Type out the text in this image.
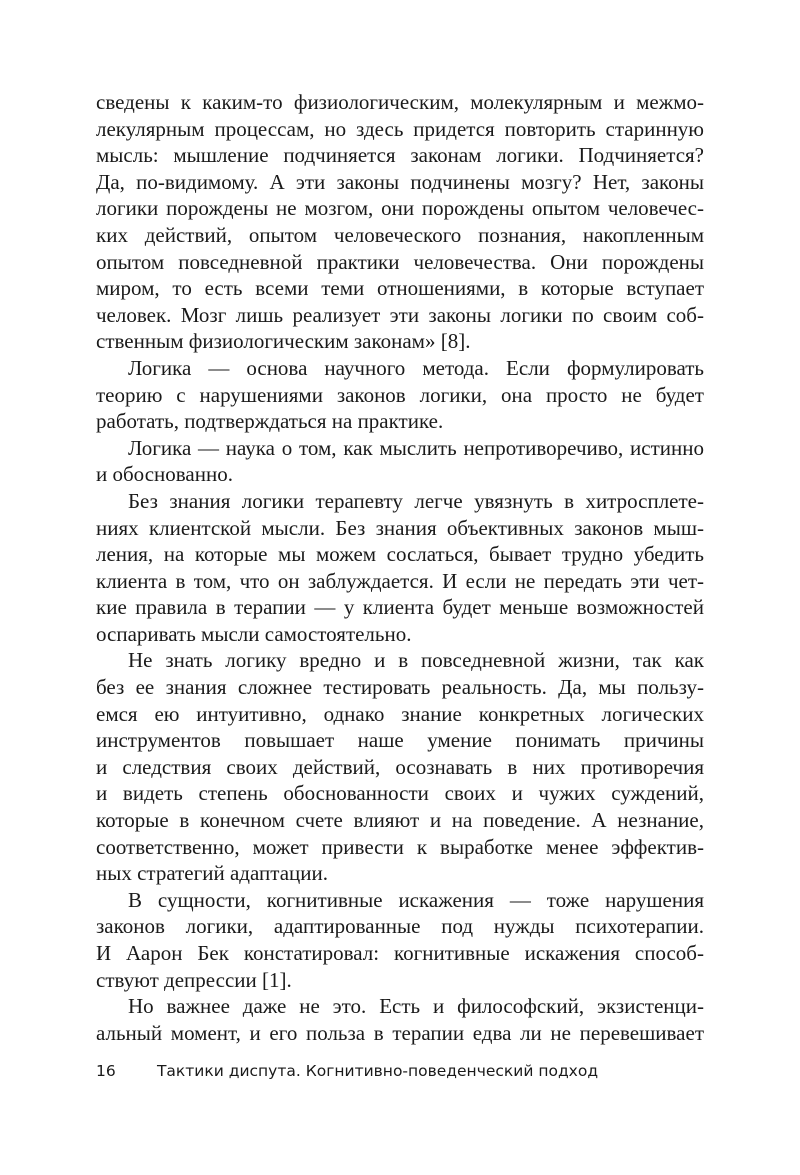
сведены к каким-то физиологическим, молекулярным и межмо-
лекулярным процессам, но здесь придется повторить старинную
мысль: мышление подчиняется законам логики. Подчиняется?
Да, по-видимому. А эти законы подчинены мозгу? Нет, законы
логики порождены не мозгом, они порождены опытом человечес-
ких действий, опытом человеческого познания, накопленным
опытом повседневной практики человечества. Они порождены
миром, то есть всеми теми отношениями, в которые вступает
человек. Мозг лишь реализует эти законы логики по своим соб-
ственным физиологическим законам» [8].
Логика — основа научного метода. Если формулировать
теорию с нарушениями законов логики, она просто не будет
работать, подтверждаться на практике.
Логика — наука о том, как мыслить непротиворечиво, истинно
и обоснованно.
Без знания логики терапевту легче увязнуть в хитросплете-
ниях клиентской мысли. Без знания объективных законов мыш-
ления, на которые мы можем сослаться, бывает трудно убедить
клиента в том, что он заблуждается. И если не передать эти чет-
кие правила в терапии — у клиента будет меньше возможностей
оспаривать мысли самостоятельно.
Не знать логику вредно и в повседневной жизни, так как
без ее знания сложнее тестировать реальность. Да, мы пользу-
емся ею интуитивно, однако знание конкретных логических
инструментов повышает наше умение понимать причины
и следствия своих действий, осознавать в них противоречия
и видеть степень обоснованности своих и чужих суждений,
которые в конечном счете влияют и на поведение. А незнание,
соответственно, может привести к выработке менее эффектив-
ных стратегий адаптации.
В сущности, когнитивные искажения — тоже нарушения
законов логики, адаптированные под нужды психотерапии.
И Аарон Бек констатировал: когнитивные искажения способ-
ствуют депрессии [1].
Но важнее даже не это. Есть и философский, экзистенци-
альный момент, и его польза в терапии едва ли не перевешивает
16	Тактики диспута. Когнитивно-поведенческий подход
